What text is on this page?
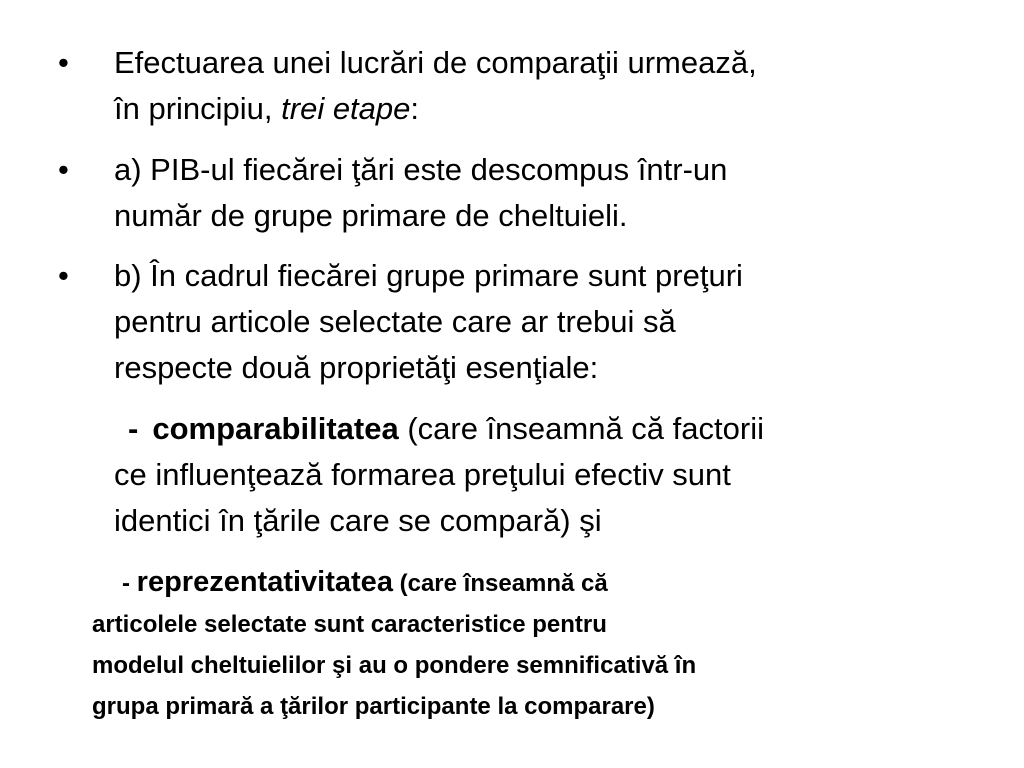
• Efectuarea unei lucrări de comparaţii urmează,
în principiu, trei etape:
• a) PIB-ul fiecărei ţări este descompus într-un
număr de grupe primare de cheltuieli.
• b) În cadrul fiecărei grupe primare sunt preţuri
pentru articole selectate care ar trebui să
respecte două proprietăţi esenţiale:
- comparabilitatea (care înseamnă că factorii
ce influenţează formarea preţului efectiv sunt
identici în ţările care se compară) şi
- reprezentativitatea (care înseamnă că
articolele selectate sunt caracteristice pentru
modelul cheltuielilor şi au o pondere semnificativă în
grupa primară a ţărilor participante la comparare)
